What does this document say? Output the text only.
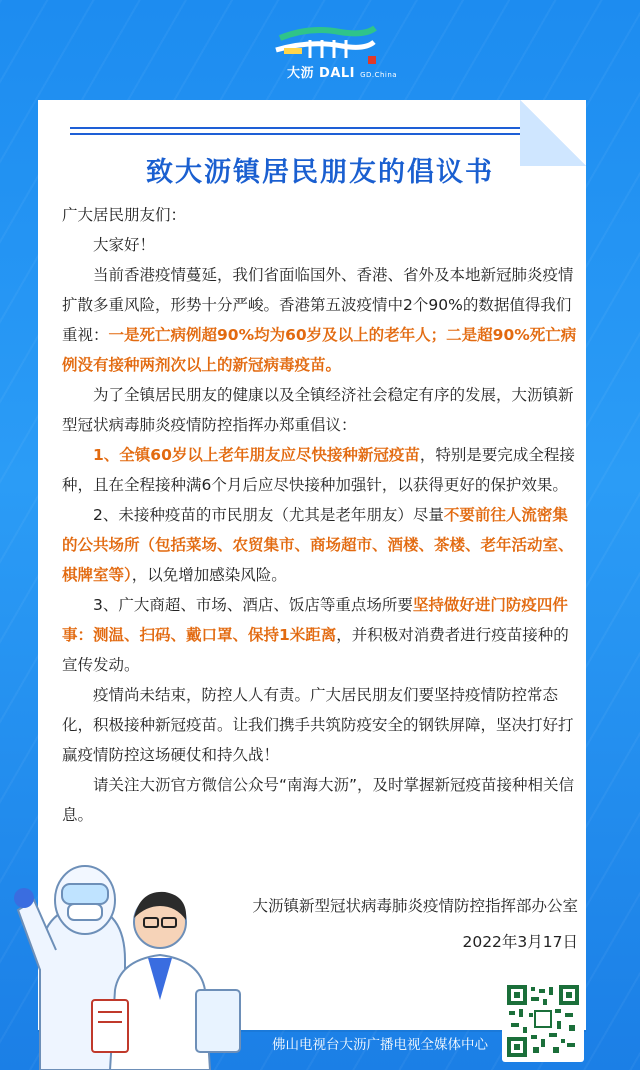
大沥 DALI GD.China
致大沥镇居民朋友的倡议书

广大居民朋友们：

大家好！

当前香港疫情蔓延，我们省面临国外、香港、省外及本地新冠肺炎疫情扩散多重风险，形势十分严峻。香港第五波疫情中2个90%的数据值得我们重视：一是死亡病例超90%均为60岁及以上的老年人；二是超90%死亡病例没有接种两剂次以上的新冠病毒疫苗。

为了全镇居民朋友的健康以及全镇经济社会稳定有序的发展，大沥镇新型冠状病毒肺炎疫情防控指挥办郑重倡议：

1、全镇60岁以上老年朋友应尽快接种新冠疫苗，特别是要完成全程接种，且在全程接种满6个月后应尽快接种加强针，以获得更好的保护效果。

2、未接种疫苗的市民朋友（尤其是老年朋友）尽量不要前往人流密集的公共场所（包括菜场、农贸集市、商场超市、酒楼、茶楼、老年活动室、棋牌室等），以免增加感染风险。

3、广大商超、市场、酒店、饭店等重点场所要坚持做好进门防疫四件事：测温、扫码、戴口罩、保持1米距离，并积极对消费者进行疫苗接种的宣传发动。

疫情尚未结束，防控人人有责。广大居民朋友们要坚持疫情防控常态化，积极接种新冠疫苗。让我们携手共筑防疫安全的钢铁屏障，坚决打好打赢疫情防控这场硬仗和持久战！

请关注大沥官方微信公众号“南海大沥”，及时掌握新冠疫苗接种相关信息。

大沥镇新型冠状病毒肺炎疫情防控指挥部办公室
2022年3月17日
大沥镇卫生健康办公室
佛山电视台大沥广播电视全媒体中心
